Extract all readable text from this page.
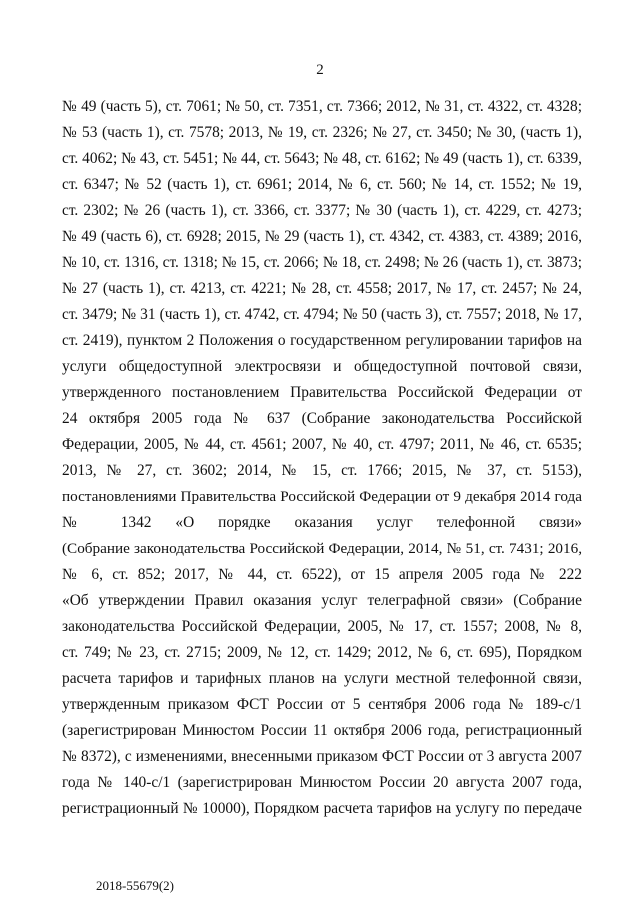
2
№ 49 (часть 5), ст. 7061; № 50, ст. 7351, ст. 7366; 2012, № 31, ст. 4322, ст. 4328;
№ 53 (часть 1), ст. 7578; 2013, № 19, ст. 2326; № 27, ст. 3450; № 30, (часть 1),
ст. 4062; № 43, ст. 5451; № 44, ст. 5643; № 48, ст. 6162; № 49 (часть 1), ст. 6339,
ст. 6347; № 52 (часть 1), ст. 6961; 2014, № 6, ст. 560; № 14, ст. 1552; № 19,
ст. 2302; № 26 (часть 1), ст. 3366, ст. 3377; № 30 (часть 1), ст. 4229, ст. 4273;
№ 49 (часть 6), ст. 6928; 2015, № 29 (часть 1), ст. 4342, ст. 4383, ст. 4389; 2016,
№ 10, ст. 1316, ст. 1318; № 15, ст. 2066; № 18, ст. 2498; № 26 (часть 1), ст. 3873;
№ 27 (часть 1), ст. 4213, ст. 4221; № 28, ст. 4558; 2017, № 17, ст. 2457; № 24,
ст. 3479; № 31 (часть 1), ст. 4742, ст. 4794; № 50 (часть 3), ст. 7557; 2018, № 17,
ст. 2419), пунктом 2 Положения о государственном регулировании тарифов на
услуги общедоступной электросвязи и общедоступной почтовой связи,
утвержденного постановлением Правительства Российской Федерации от
24 октября 2005 года № 637 (Собрание законодательства Российской
Федерации, 2005, № 44, ст. 4561; 2007, № 40, ст. 4797; 2011, № 46, ст. 6535;
2013, № 27, ст. 3602; 2014, № 15, ст. 1766; 2015, № 37, ст. 5153),
постановлениями Правительства Российской Федерации от 9 декабря 2014 года
№ 1342 «О порядке оказания услуг телефонной связи»
(Собрание законодательства Российской Федерации, 2014, № 51, ст. 7431; 2016,
№ 6, ст. 852; 2017, № 44, ст. 6522), от 15 апреля 2005 года № 222
«Об утверждении Правил оказания услуг телеграфной связи» (Собрание
законодательства Российской Федерации, 2005, № 17, ст. 1557; 2008, № 8,
ст. 749; № 23, ст. 2715; 2009, № 12, ст. 1429; 2012, № 6, ст. 695), Порядком
расчета тарифов и тарифных планов на услуги местной телефонной связи,
утвержденным приказом ФСТ России от 5 сентября 2006 года № 189-с/1
(зарегистрирован Минюстом России 11 октября 2006 года, регистрационный
№ 8372), с изменениями, внесенными приказом ФСТ России от 3 августа 2007
года № 140-с/1 (зарегистрирован Минюстом России 20 августа 2007 года,
регистрационный № 10000), Порядком расчета тарифов на услугу по передаче
2018-55679(2)
